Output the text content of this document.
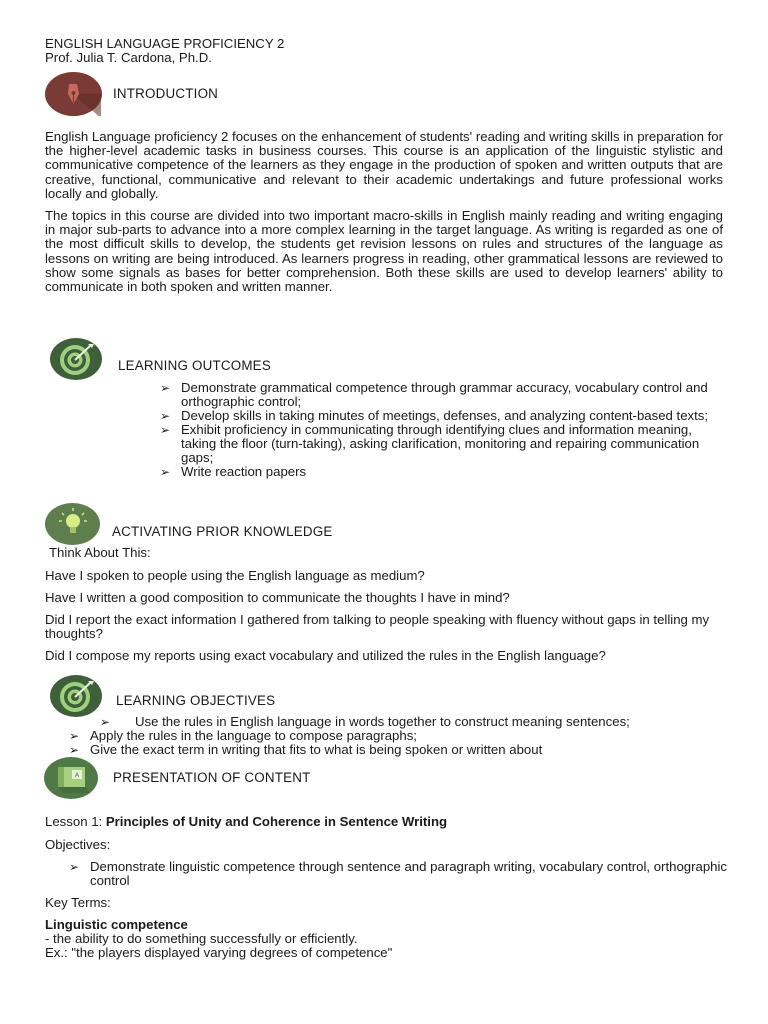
ENGLISH LANGUAGE PROFICIENCY 2
Prof. Julia T. Cardona, Ph.D.
INTRODUCTION
English Language proficiency 2 focuses on the enhancement of students' reading and writing skills in preparation for the higher-level academic tasks in business courses. This course is an application of the linguistic stylistic and communicative competence of the learners as they engage in the production of spoken and written outputs that are creative, functional, communicative and relevant to their academic undertakings and future professional works locally and globally.
The topics in this course are divided into two important macro-skills in English mainly reading and writing engaging in major sub-parts to advance into a more complex learning in the target language. As writing is regarded as one of the most difficult skills to develop, the students get revision lessons on rules and structures of the language as lessons on writing are being introduced. As learners progress in reading, other grammatical lessons are reviewed to show some signals as bases for better comprehension. Both these skills are used to develop learners' ability to communicate in both spoken and written manner.
LEARNING OUTCOMES
➢ Demonstrate grammatical competence through grammar accuracy, vocabulary control and orthographic control;
➢ Develop skills in taking minutes of meetings, defenses, and analyzing content-based texts;
➢ Exhibit proficiency in communicating through identifying clues and information meaning, taking the floor (turn-taking), asking clarification, monitoring and repairing communication gaps;
➢ Write reaction papers
ACTIVATING PRIOR KNOWLEDGE
Think About This:
Have I spoken to people using the English language as medium?
Have I written a good composition to communicate the thoughts I have in mind?
Did I report the exact information I gathered from talking to people speaking with fluency without gaps in telling my thoughts?
Did I compose my reports using exact vocabulary and utilized the rules in the English language?
LEARNING OBJECTIVES
➢ Use the rules in English language in words together to construct meaning sentences;
➢ Apply the rules in the language to compose paragraphs;
➢ Give the exact term in writing that fits to what is being spoken or written about
A	PRESENTATION OF CONTENT
Lesson 1: Principles of Unity and Coherence in Sentence Writing
Objectives:
➢ Demonstrate linguistic competence through sentence and paragraph writing, vocabulary control, orthographic control
Key Terms:
Linguistic competence
- the ability to do something successfully or efficiently.
Ex.: "the players displayed varying degrees of competence"
